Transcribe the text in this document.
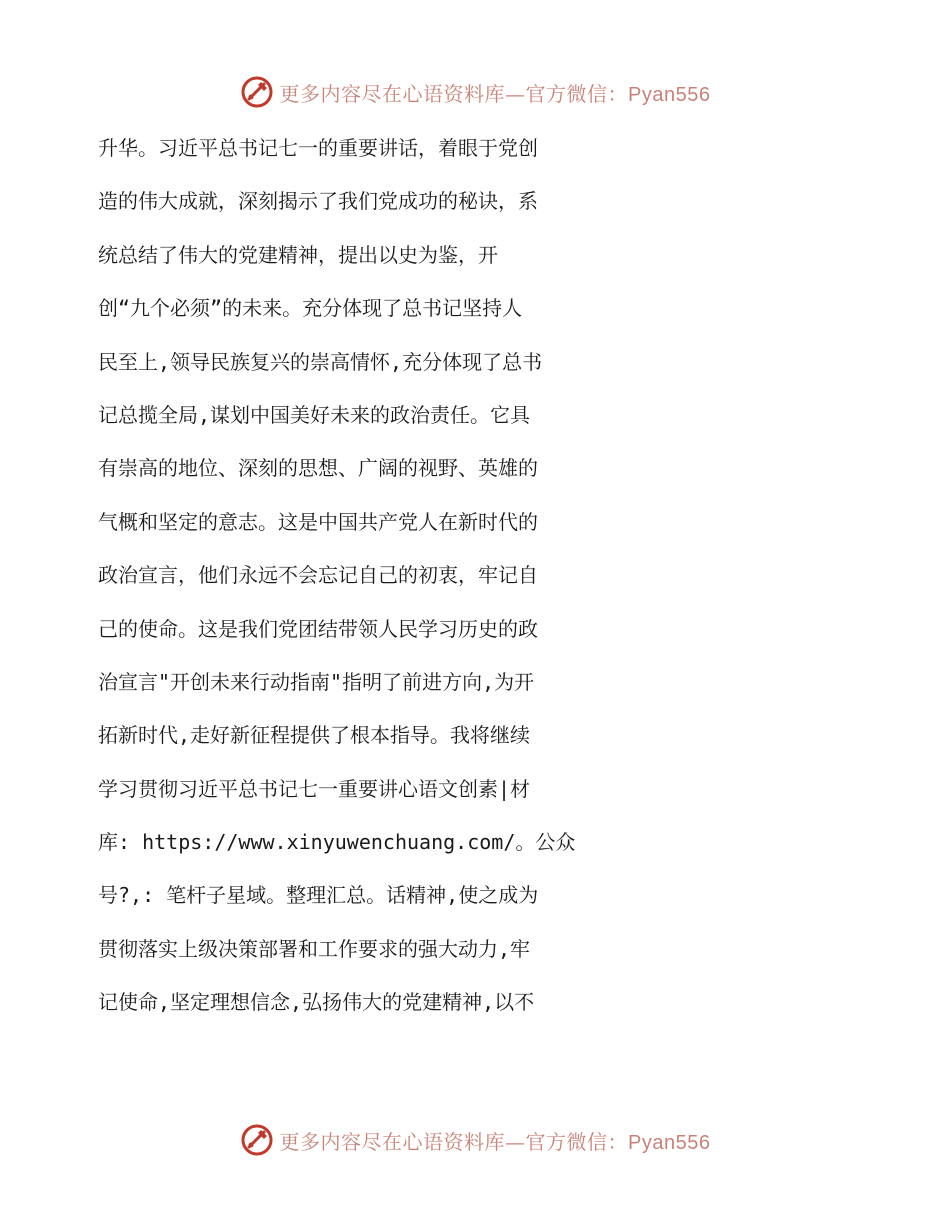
更多内容尽在心语资料库—官方微信：Pyan556
升华。习近平总书记七一的重要讲话，着眼于党创
造的伟大成就，深刻揭示了我们党成功的秘诀，系
统总结了伟大的党建精神，提出以史为鉴，开
创“九个必须”的未来。充分体现了总书记坚持人
民至上,领导民族复兴的崇高情怀,充分体现了总书
记总揽全局,谋划中国美好未来的政治责任。它具
有崇高的地位、深刻的思想、广阔的视野、英雄的
气概和坚定的意志。这是中国共产党人在新时代的
政治宣言，他们永远不会忘记自己的初衷，牢记自
己的使命。这是我们党团结带领人民学习历史的政
治宣言"开创未来行动指南"指明了前进方向,为开
拓新时代,走好新征程提供了根本指导。我将继续
学习贯彻习近平总书记七一重要讲心语文创素|材
库: https://www.xinyuwenchuang.com/。公众
号?,: 笔杆子星域。整理汇总。话精神,使之成为
贯彻落实上级决策部署和工作要求的强大动力,牢
记使命,坚定理想信念,弘扬伟大的党建精神,以不
更多内容尽在心语资料库—官方微信：Pyan556
